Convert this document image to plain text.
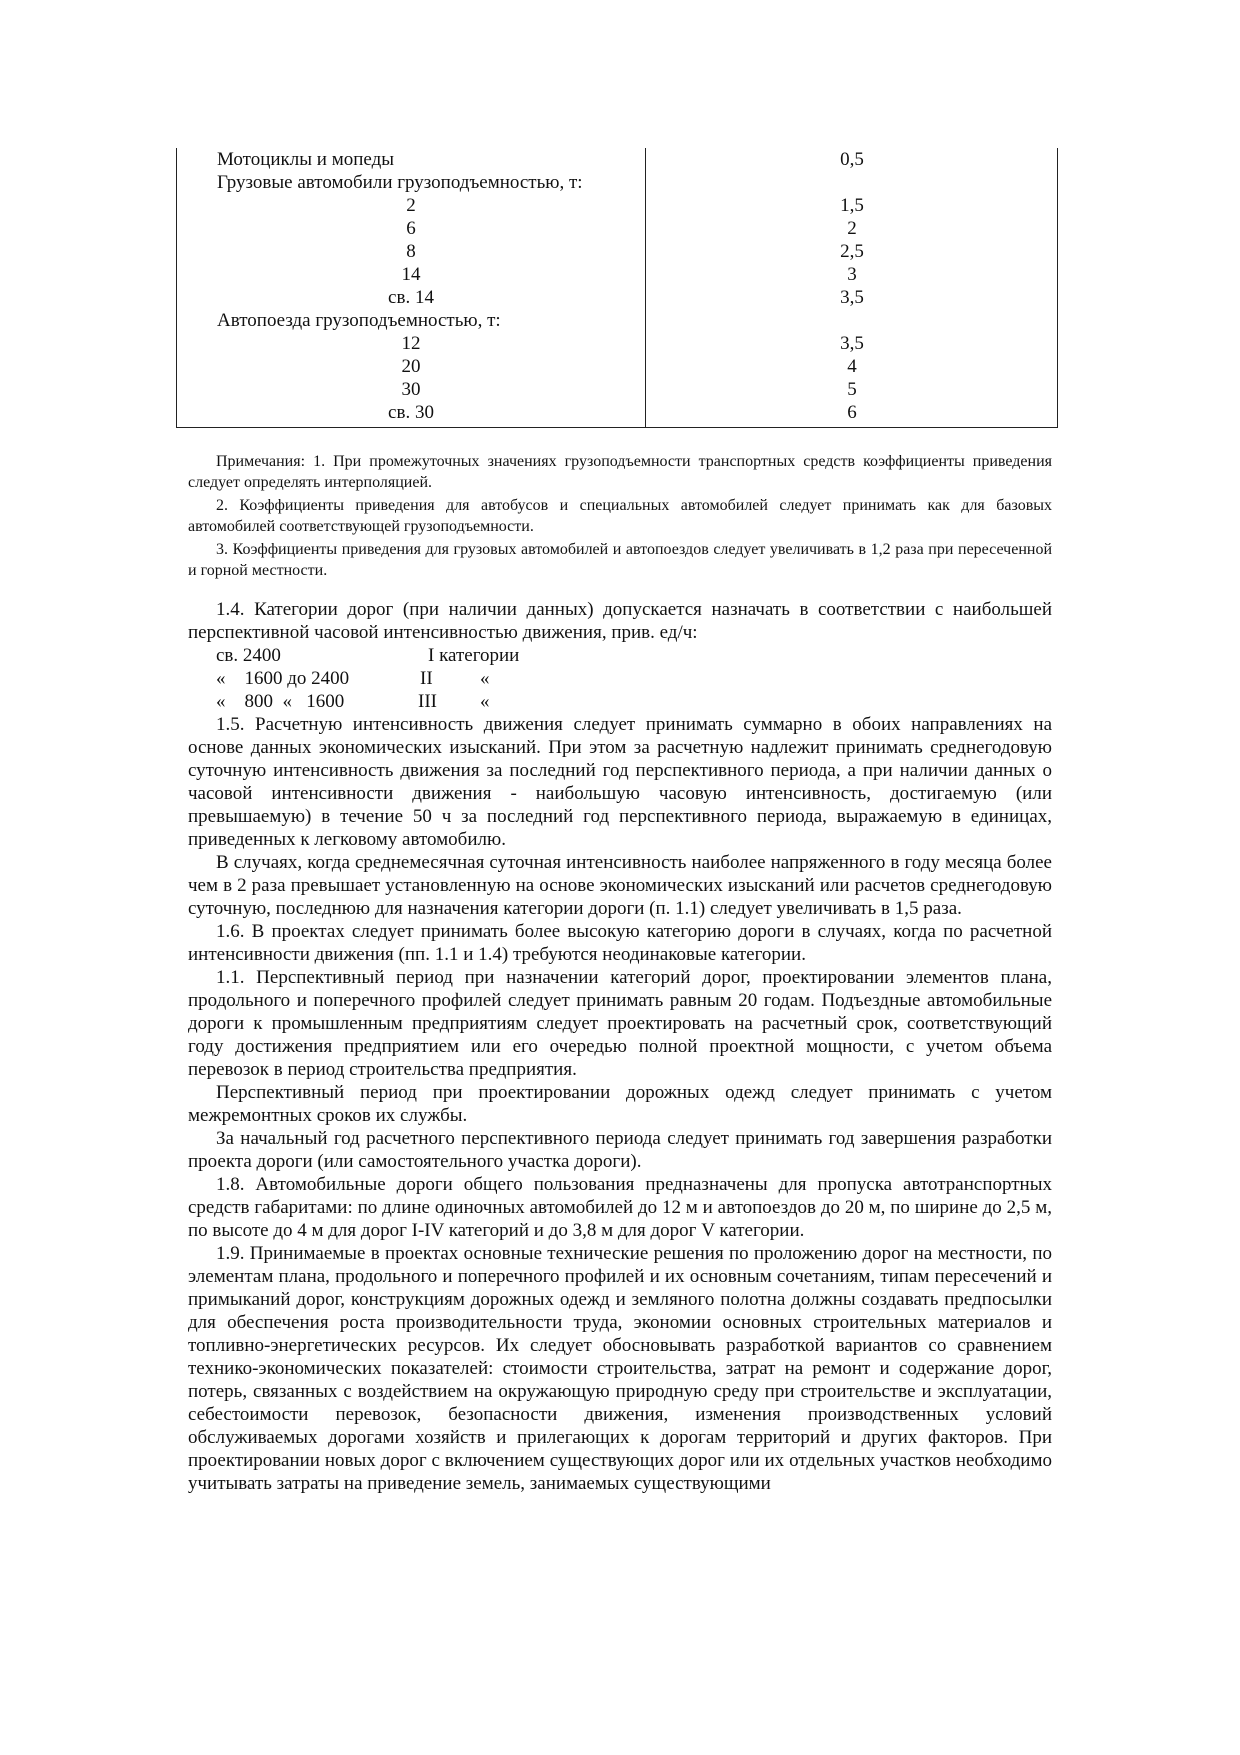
Мотоциклы и мопеды	0,5
Грузовые автомобили грузоподъемностью, т:
2	1,5
6	2
8	2,5
14	3
св. 14	3,5
Автопоезда грузоподъемностью, т:
12	3,5
20	4
30	5
св. 30	6

Примечания: 1. При промежуточных значениях грузоподъемности транспортных средств коэффициенты приведения следует определять интерполяцией.

2. Коэффициенты приведения для автобусов и специальных автомобилей следует принимать как для базовых автомобилей соответствующей грузоподъемности.

3. Коэффициенты приведения для грузовых автомобилей и автопоездов следует увеличивать в 1,2 раза при пересеченной и горной местности.

1.4. Категории дорог (при наличии данных) допускается назначать в соответствии с наибольшей перспективной часовой интенсивностью движения, прив. ед/ч:

св. 2400	I категории
«    1600 до 2400	II «
«    800  «   1600	III «

1.5. Расчетную интенсивность движения следует принимать суммарно в обоих направлениях на основе данных экономических изысканий. При этом за расчетную надлежит принимать среднегодовую суточную интенсивность движения за последний год перспективного периода, а при наличии данных о часовой интенсивности движения - наибольшую часовую интенсивность, достигаемую (или превышаемую) в течение 50 ч за последний год перспективного периода, выражаемую в единицах, приведенных к легковому автомобилю.

В случаях, когда среднемесячная суточная интенсивность наиболее напряженного в году месяца более чем в 2 раза превышает установленную на основе экономических изысканий или расчетов среднегодовую суточную, последнюю для назначения категории дороги (п. 1.1) следует увеличивать в 1,5 раза.

1.6. В проектах следует принимать более высокую категорию дороги в случаях, когда по расчетной интенсивности движения (пп. 1.1 и 1.4) требуются неодинаковые категории.

1.1. Перспективный период при назначении категорий дорог, проектировании элементов плана, продольного и поперечного профилей следует принимать равным 20 годам. Подъездные автомобильные дороги к промышленным предприятиям следует проектировать на расчетный срок, соответствующий году достижения предприятием или его очередью полной проектной мощности, с учетом объема перевозок в период строительства предприятия.

Перспективный период при проектировании дорожных одежд следует принимать с учетом межремонтных сроков их службы.

За начальный год расчетного перспективного периода следует принимать год завершения разработки проекта дороги (или самостоятельного участка дороги).

1.8. Автомобильные дороги общего пользования предназначены для пропуска автотранспортных средств габаритами: по длине одиночных автомобилей до 12 м и автопоездов до 20 м, по ширине до 2,5 м, по высоте до 4 м для дорог I-IV категорий и до 3,8 м для дорог V категории.

1.9. Принимаемые в проектах основные технические решения по проложению дорог на местности, по элементам плана, продольного и поперечного профилей и их основным сочетаниям, типам пересечений и примыканий дорог, конструкциям дорожных одежд и земляного полотна должны создавать предпосылки для обеспечения роста производительности труда, экономии основных строительных материалов и топливно-энергетических ресурсов. Их следует обосновывать разработкой вариантов со сравнением технико-экономических показателей: стоимости строительства, затрат на ремонт и содержание дорог, потерь, связанных с воздействием на окружающую природную среду при строительстве и эксплуатации, себестоимости перевозок, безопасности движения, изменения производственных условий обслуживаемых дорогами хозяйств и прилегающих к дорогам территорий и других факторов. При проектировании новых дорог с включением существующих дорог или их отдельных участков необходимо учитывать затраты на приведение земель, занимаемых существующими
